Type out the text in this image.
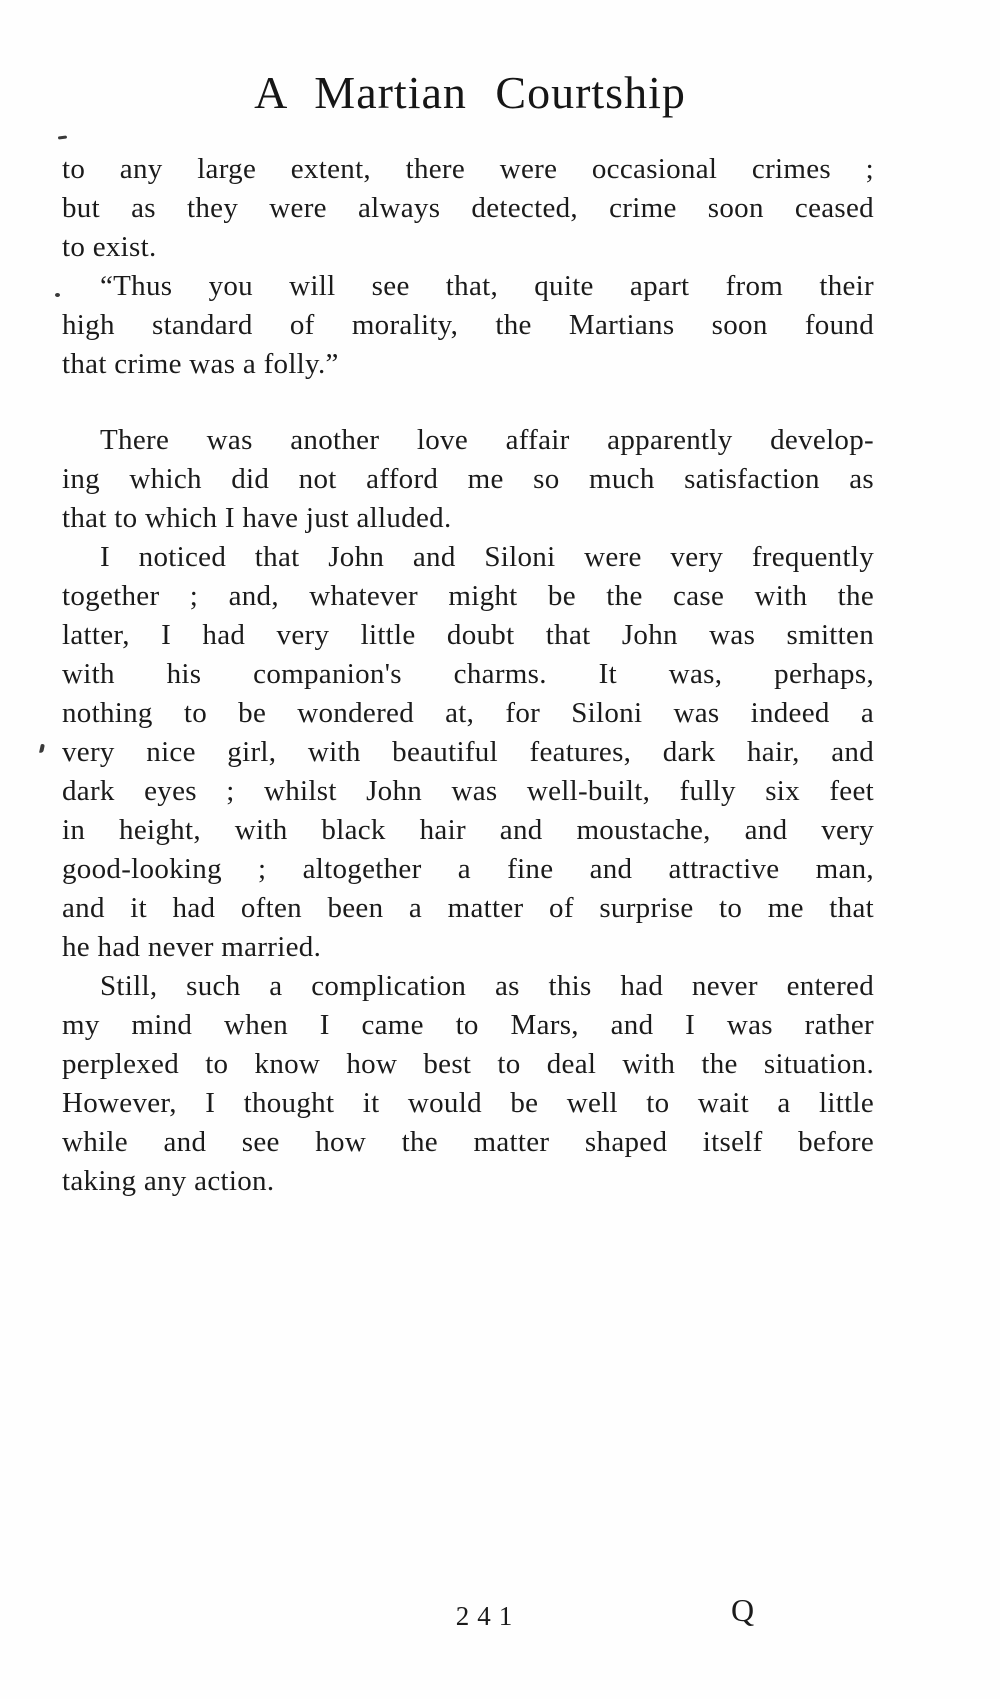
A Martian Courtship

to any large extent, there were occasional crimes ;
but as they were always detected, crime soon ceased
to exist.

“Thus you will see that, quite apart from their
high standard of morality, the Martians soon found
that crime was a folly.”

There was another love affair apparently develop-
ing which did not afford me so much satisfaction as
that to which I have just alluded.

I noticed that John and Siloni were very frequently
together ; and, whatever might be the case with the
latter, I had very little doubt that John was smitten
with his companion's charms. It was, perhaps,
nothing to be wondered at, for Siloni was indeed a
very nice girl, with beautiful features, dark hair, and
dark eyes ; whilst John was well-built, fully six feet
in height, with black hair and moustache, and very
good-looking ; altogether a fine and attractive man,
and it had often been a matter of surprise to me that
he had never married.

Still, such a complication as this had never entered
my mind when I came to Mars, and I was rather
perplexed to know how best to deal with the situation.
However, I thought it would be well to wait a little
while and see how the matter shaped itself before
taking any action.

241	Q
